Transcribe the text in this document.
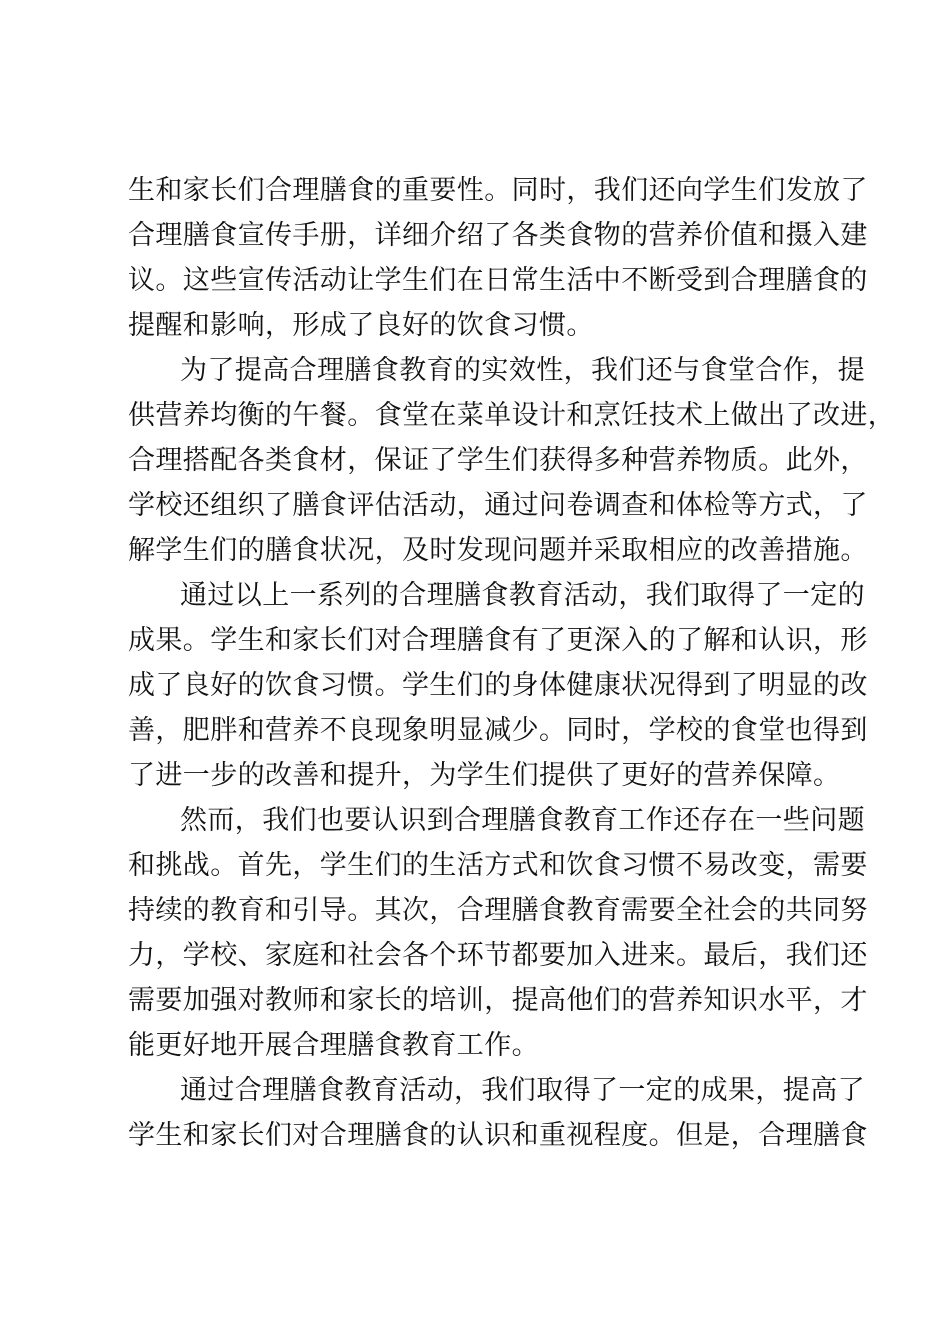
生和家长们合理膳食的重要性。同时，我们还向学生们发放了
合理膳食宣传手册，详细介绍了各类食物的营养价值和摄入建
议。这些宣传活动让学生们在日常生活中不断受到合理膳食的
提醒和影响，形成了良好的饮食习惯。
为了提高合理膳食教育的实效性，我们还与食堂合作，提
供营养均衡的午餐。食堂在菜单设计和烹饪技术上做出了改进，
合理搭配各类食材，保证了学生们获得多种营养物质。此外，
学校还组织了膳食评估活动，通过问卷调查和体检等方式，了
解学生们的膳食状况，及时发现问题并采取相应的改善措施。
通过以上一系列的合理膳食教育活动，我们取得了一定的
成果。学生和家长们对合理膳食有了更深入的了解和认识，形
成了良好的饮食习惯。学生们的身体健康状况得到了明显的改
善，肥胖和营养不良现象明显减少。同时，学校的食堂也得到
了进一步的改善和提升，为学生们提供了更好的营养保障。
然而，我们也要认识到合理膳食教育工作还存在一些问题
和挑战。首先，学生们的生活方式和饮食习惯不易改变，需要
持续的教育和引导。其次，合理膳食教育需要全社会的共同努
力，学校、家庭和社会各个环节都要加入进来。最后，我们还
需要加强对教师和家长的培训，提高他们的营养知识水平，才
能更好地开展合理膳食教育工作。
通过合理膳食教育活动，我们取得了一定的成果，提高了
学生和家长们对合理膳食的认识和重视程度。但是，合理膳食
